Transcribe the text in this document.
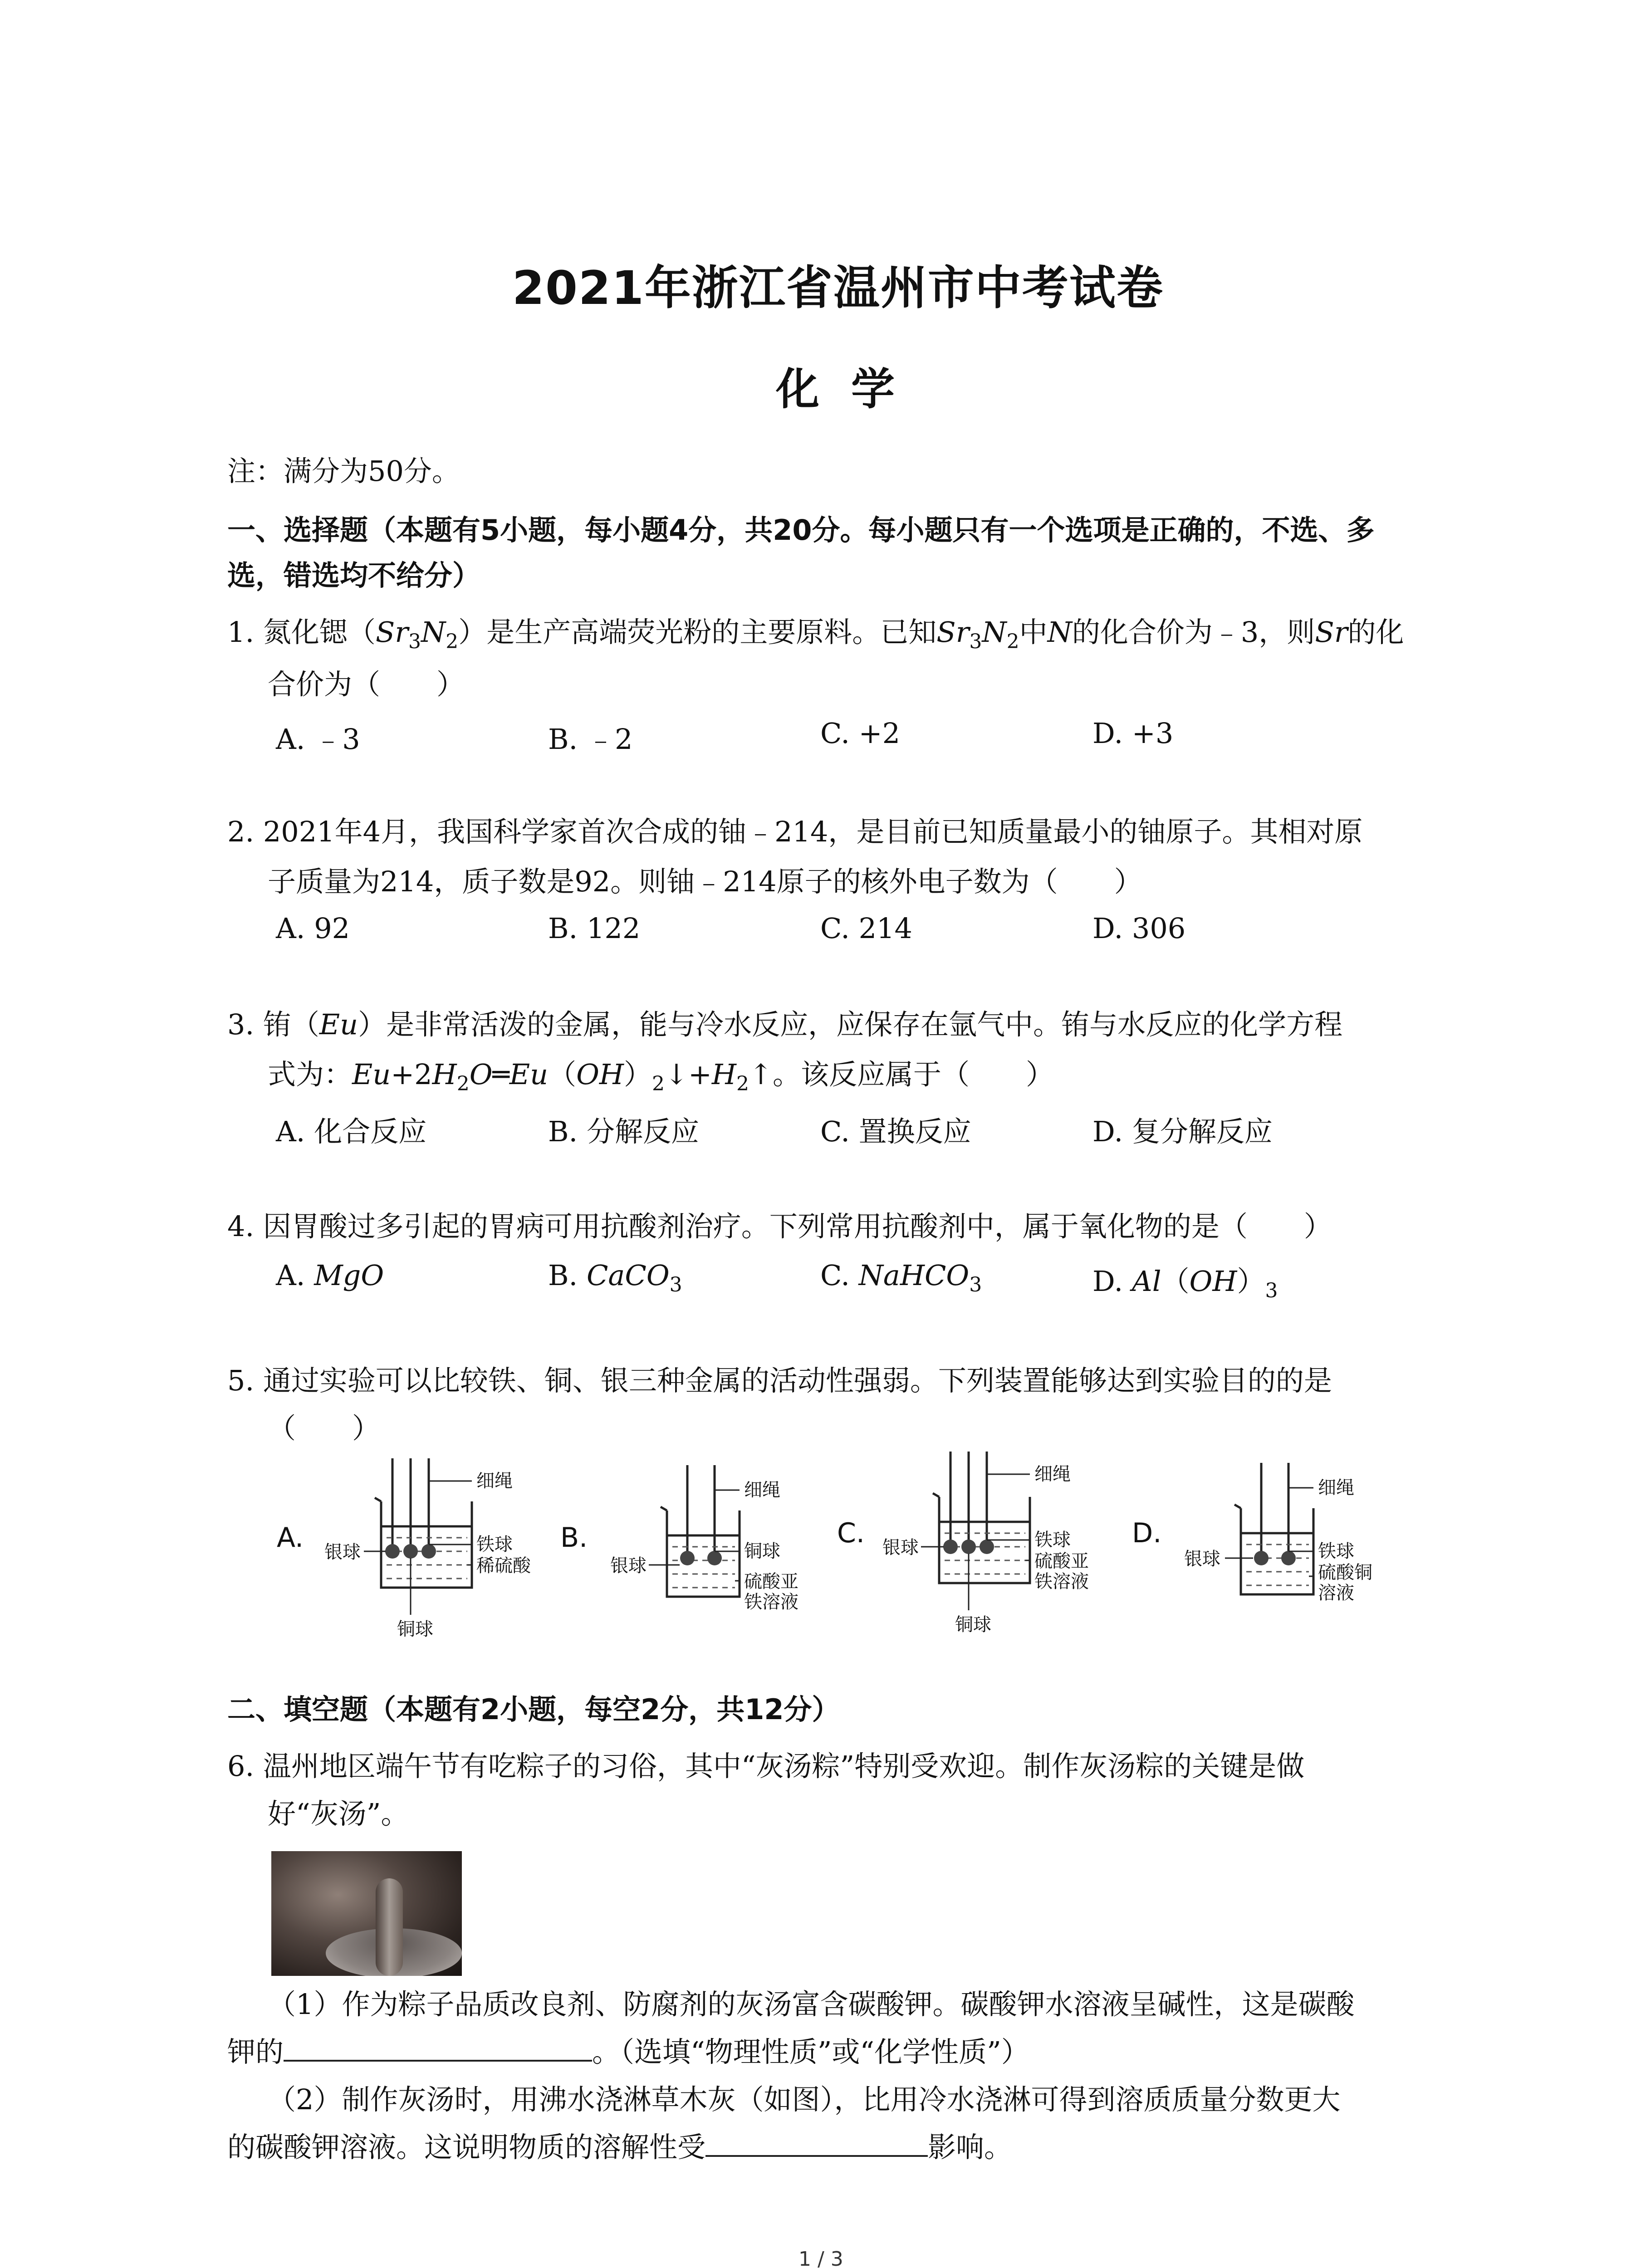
2021年浙江省温州市中考试卷
化学
注：满分为50分。
一、选择题（本题有5小题，每小题4分，共20分。每小题只有一个选项是正确的，不选、多
选，错选均不给分）
1. 氮化锶$(Sr_3N_2)$是生产高端荧光粉的主要原料。已知$Sr_3N_2$中N的化合价为﹣3，则Sr的化
合价为（　　）
A. ﹣3	B. ﹣2	C. +2	D. +3
2. 2021年4月，我国科学家首次合成的铀﹣214，是目前已知质量最小的铀原子。其相对原
子质量为214，质子数是92。则铀﹣214原子的核外电子数为（　　）
A. 92	B. 122	C. 214	D. 306
3. 铕（Eu）是非常活泼的金属，能与冷水反应，应保存在氩气中。铕与水反应的化学方程
式为：$Eu+2H_2O═Eu(OH)_2↓+H_2↑$。该反应属于（　　）
A. 化合反应	B. 分解反应	C. 置换反应	D. 复分解反应
4. 因胃酸过多引起的胃病可用抗酸剂治疗。下列常用抗酸剂中，属于氧化物的是（　　）
A. MgO	B. CaCO$_3$	C. NaHCO$_3$	D. $Al(OH)_3$
5. 通过实验可以比较铁、铜、银三种金属的活动性强弱。下列装置能够达到实验目的的是
（　　）
A.
细绳
铁球
稀硫酸
银球
铜球
B.
细绳
铜球
硫酸亚
铁溶液
银球
C.
细绳
铁球
硫酸亚
铁溶液
银球
铜球
D.
细绳
铁球
硫酸铜
溶液
银球
二、填空题（本题有2小题，每空2分，共12分）
6. 温州地区端午节有吃粽子的习俗，其中“灰汤粽”特别受欢迎。制作灰汤粽的关键是做
好“灰汤”。
（1）作为粽子品质改良剂、防腐剂的灰汤富含碳酸钾。碳酸钾水溶液呈碱性，这是碳酸
钾的	。（选填“物理性质”或“化学性质”）
（2）制作灰汤时，用沸水浇淋草木灰（如图），比用冷水浇淋可得到溶质质量分数更大
的碳酸钾溶液。这说明物质的溶解性受	影响。
1 / 3
